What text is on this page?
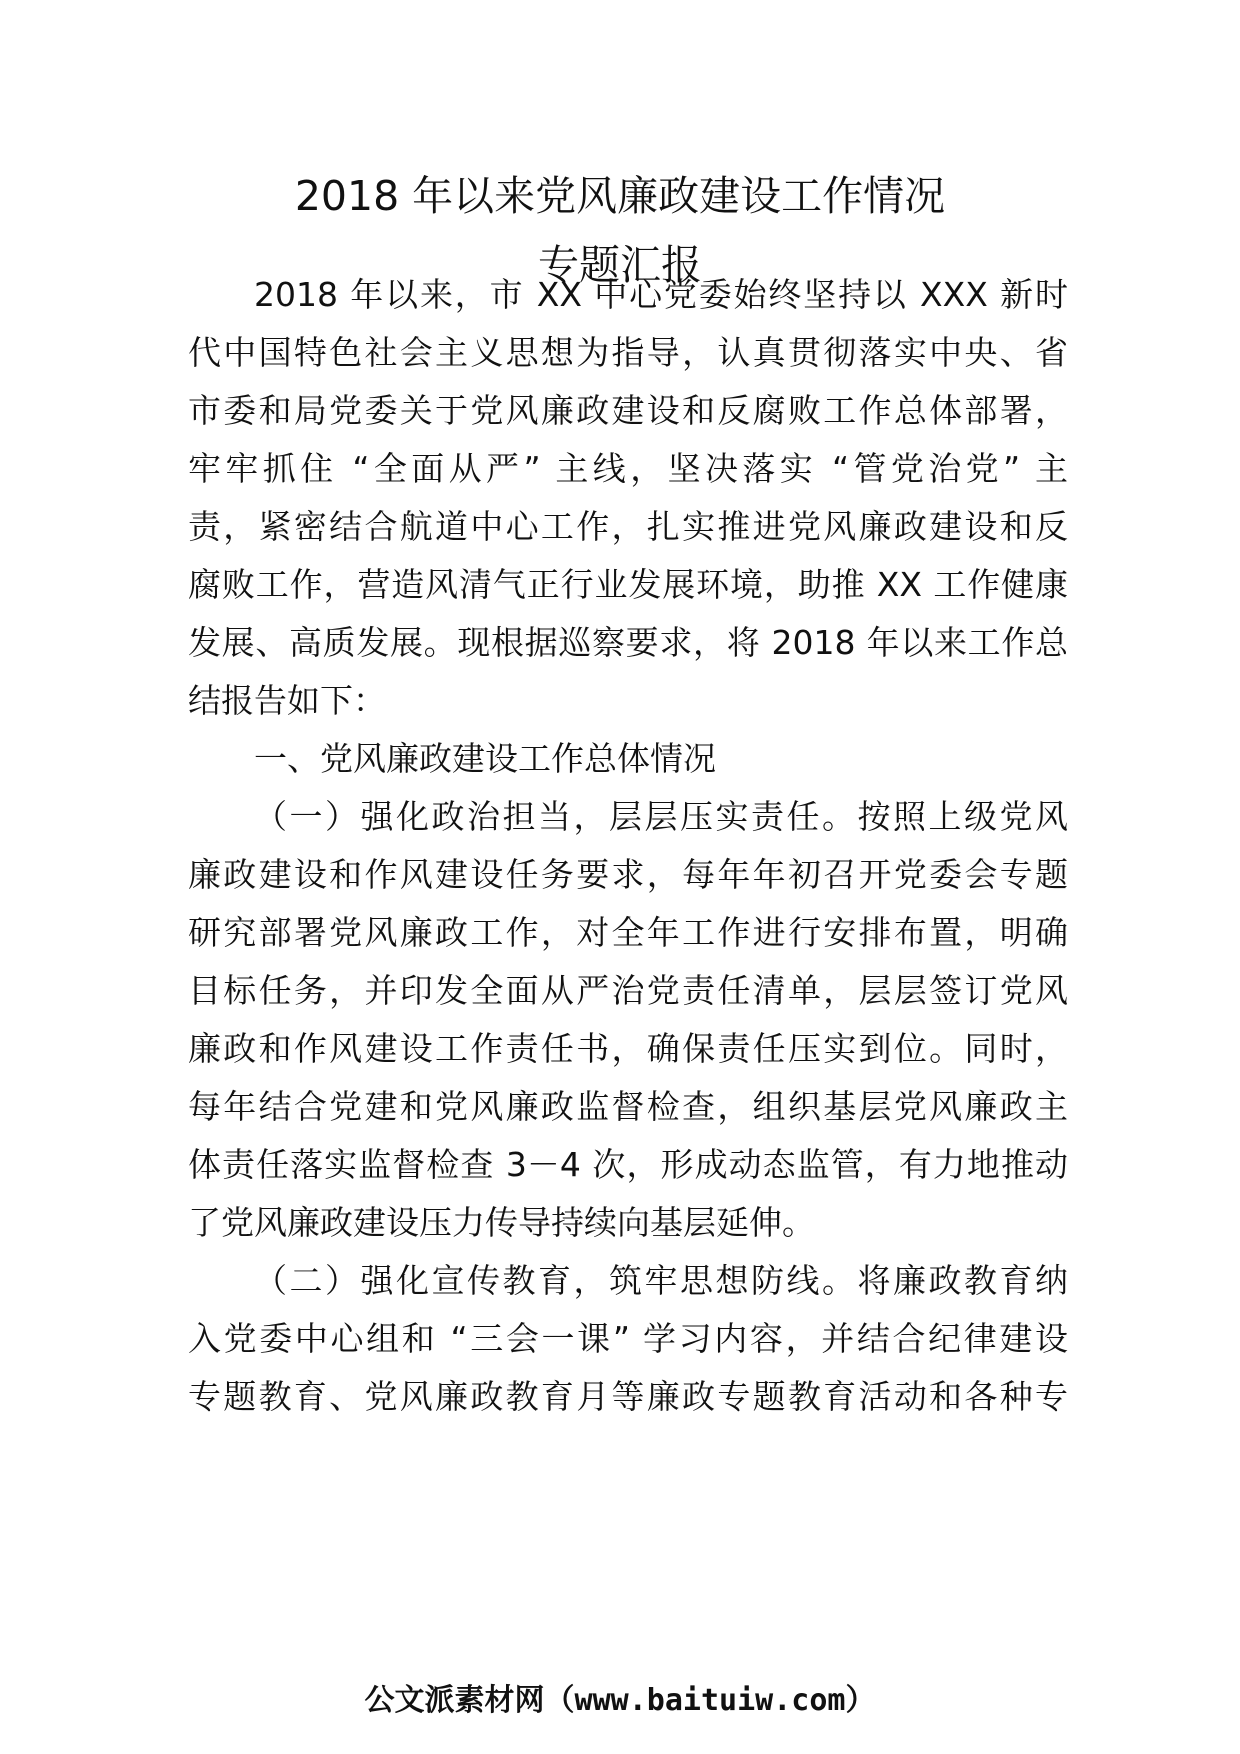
2018 年以来党风廉政建设工作情况
专题汇报
2018 年以来，市 XX 中心党委始终坚持以 XXX 新时
代中国特色社会主义思想为指导，认真贯彻落实中央、省
市委和局党委关于党风廉政建设和反腐败工作总体部署，
牢牢抓住 “全面从严” 主线，坚决落实 “管党治党” 主
责，紧密结合航道中心工作，扎实推进党风廉政建设和反
腐败工作，营造风清气正行业发展环境，助推 XX 工作健康
发展、高质发展。现根据巡察要求，将 2018 年以来工作总
结报告如下：
一、党风廉政建设工作总体情况
（一）强化政治担当，层层压实责任。按照上级党风
廉政建设和作风建设任务要求，每年年初召开党委会专题
研究部署党风廉政工作，对全年工作进行安排布置，明确
目标任务，并印发全面从严治党责任清单，层层签订党风
廉政和作风建设工作责任书，确保责任压实到位。同时，
每年结合党建和党风廉政监督检查，组织基层党风廉政主
体责任落实监督检查 3－4 次，形成动态监管，有力地推动
了党风廉政建设压力传导持续向基层延伸。
（二）强化宣传教育，筑牢思想防线。将廉政教育纳
入党委中心组和 “三会一课” 学习内容，并结合纪律建设
专题教育、党风廉政教育月等廉政专题教育活动和各种专
公文派素材网（www.baituiw.com）
